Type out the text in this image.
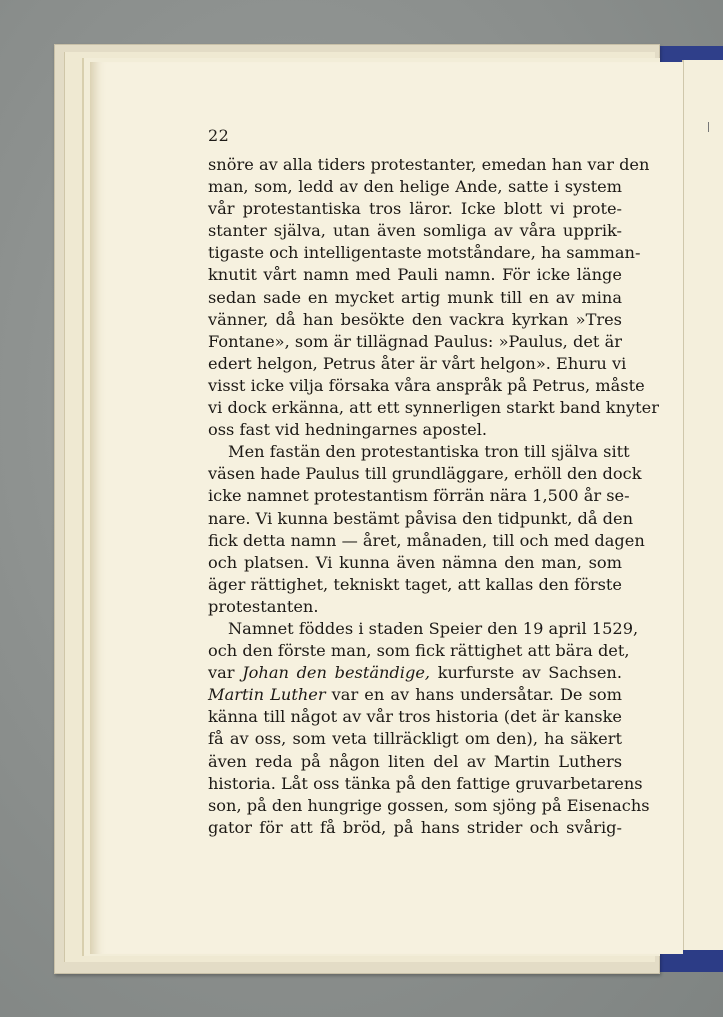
22
snöre av alla tiders protestanter, emedan han var den
man, som, ledd av den helige Ande, satte i system
vår protestantiska tros läror. Icke blott vi prote-
stanter själva, utan även somliga av våra upprik-
tigaste och intelligentaste motståndare, ha samman-
knutit vårt namn med Pauli namn. För icke länge
sedan sade en mycket artig munk till en av mina
vänner, då han besökte den vackra kyrkan »Tres
Fontane», som är tillägnad Paulus: »Paulus, det är
edert helgon, Petrus åter är vårt helgon». Ehuru vi
visst icke vilja försaka våra anspråk på Petrus, måste
vi dock erkänna, att ett synnerligen starkt band knyter
oss fast vid hedningarnes apostel.
Men fastän den protestantiska tron till själva sitt
väsen hade Paulus till grundläggare, erhöll den dock
icke namnet protestantism förrän nära 1,500 år se-
nare. Vi kunna bestämt påvisa den tidpunkt, då den
fick detta namn — året, månaden, till och med dagen
och platsen. Vi kunna även nämna den man, som
äger rättighet, tekniskt taget, att kallas den förste
protestanten.
Namnet föddes i staden Speier den 19 april 1529,
och den förste man, som fick rättighet att bära det,
var Johan den beständige, kurfurste av Sachsen.
Martin Luther var en av hans undersåtar. De som
känna till något av vår tros historia (det är kanske
få av oss, som veta tillräckligt om den), ha säkert
även reda på någon liten del av Martin Luthers
historia. Låt oss tänka på den fattige gruvarbetarens
son, på den hungrige gossen, som sjöng på Eisenachs
gator för att få bröd, på hans strider och svårig-
